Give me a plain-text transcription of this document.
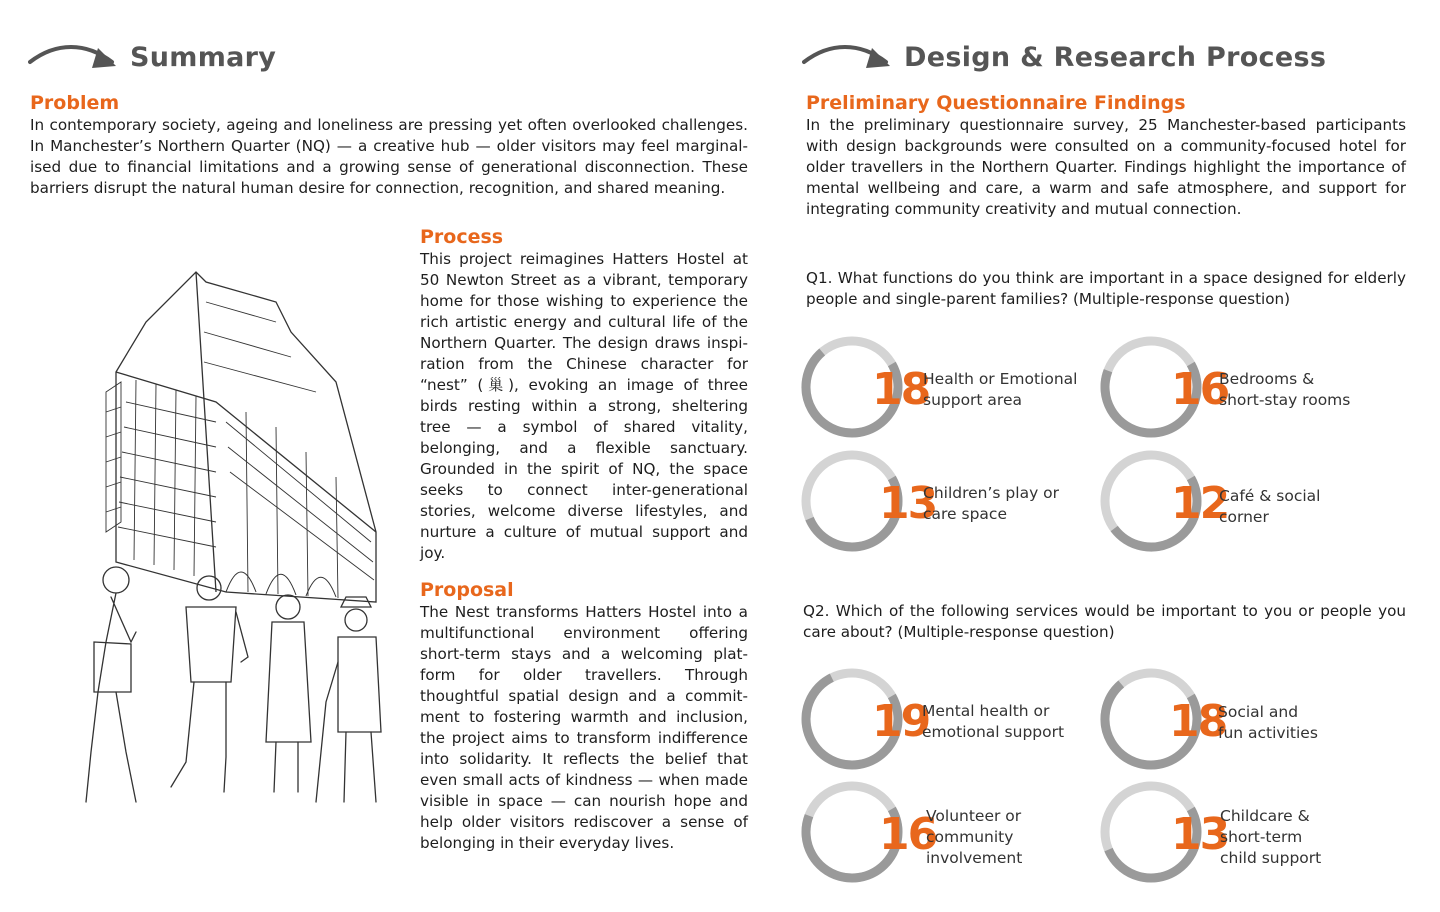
Summary
Problem

In contemporary society, ageing and loneliness are pressing yet often overlooked challenges. In Manchester’s Northern Quarter (NQ) — a creative hub — older visitors may feel marginal-ised due to financial limitations and a growing sense of generational disconnection. These barriers disrupt the natural human desire for connection, recognition, and shared meaning.

Process

This project reimagines Hatters Hostel at 50 Newton Street as a vibrant, temporary home for those wishing to experience the rich artistic energy and cultural life of the Northern Quarter. The design draws inspi-ration from the Chinese character for “nest” (巢), evoking an image of three birds resting within a strong, sheltering tree — a symbol of shared vitality, belonging, and a flexible sanctuary. Grounded in the spirit of NQ, the space seeks to connect inter-generational stories, welcome diverse lifestyles, and nurture a culture of mutual support and joy.

Proposal

The Nest transforms Hatters Hostel into a multifunctional environment offering short-term stays and a welcoming plat-form for older travellers. Through thoughtful spatial design and a commit-ment to fostering warmth and inclusion, the project aims to transform indifference into solidarity. It reflects the belief that even small acts of kindness — when made visible in space — can nourish hope and help older visitors rediscover a sense of belonging in their everyday lives.

Design & Research Process
Preliminary Questionnaire Findings

In the preliminary questionnaire survey, 25 Manchester-based participants with design backgrounds were consulted on a community-focused hotel for older travellers in the Northern Quarter. Findings highlight the importance of mental wellbeing and care, a warm and safe atmosphere, and support for integrating community creativity and mutual connection.

Q1. What functions do you think are important in a space designed for elderly people and single-parent families? (Multiple-response question)

18
Health or Emotional
support area	16
Bedrooms &
short-stay rooms
13
Children’s play or
care space	12
Café & social
corner

Q2. Which of the following services would be important to you or people you care about? (Multiple-response question)

19
Mental health or
emotional support 18
Social and
fun activities
16
Volunteer or
community
involvement	13
Childcare &
short-term
child support
